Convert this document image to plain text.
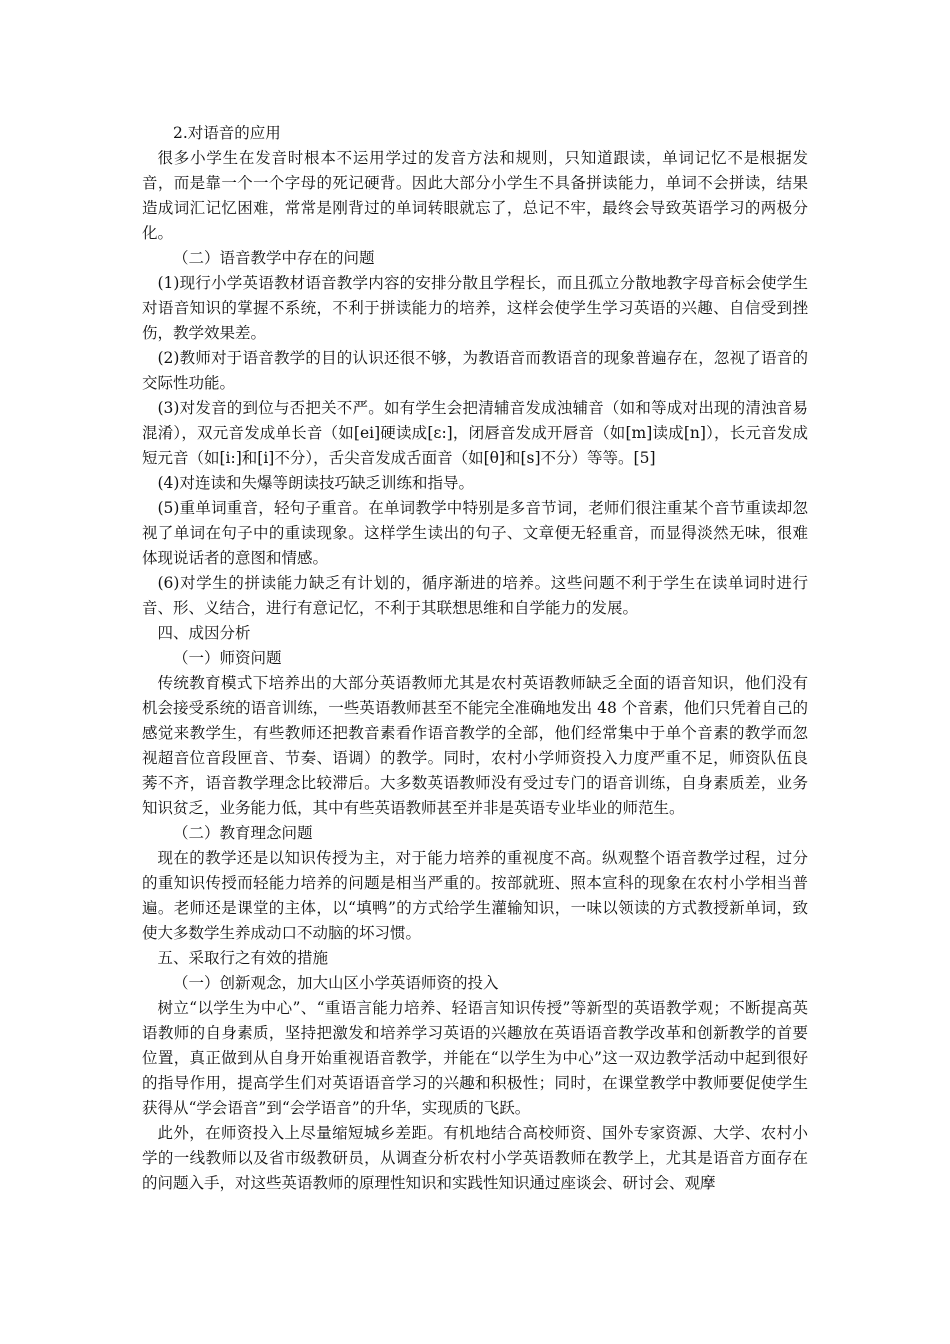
2.对语音的应用

很多小学生在发音时根本不运用学过的发音方法和规则，只知道跟读，单词记忆不是根据发音，而是靠一个一个字母的死记硬背。因此大部分小学生不具备拼读能力，单词不会拼读，结果造成词汇记忆困难，常常是刚背过的单词转眼就忘了，总记不牢，最终会导致英语学习的两极分化。

（二）语音教学中存在的问题

(1)现行小学英语教材语音教学内容的安排分散且学程长，而且孤立分散地教字母音标会使学生对语音知识的掌握不系统，不利于拼读能力的培养，这样会使学生学习英语的兴趣、自信受到挫伤，教学效果差。

(2)教师对于语音教学的目的认识还很不够，为教语音而教语音的现象普遍存在，忽视了语音的交际性功能。

(3)对发音的到位与否把关不严。如有学生会把清辅音发成浊辅音（如和等成对出现的清浊音易混淆），双元音发成单长音（如[ei]硬读成[ɛ:]，闭唇音发成开唇音（如[m]读成[n]），长元音发成短元音（如[i:]和[i]不分），舌尖音发成舌面音（如[θ]和[s]不分）等等。[5]

(4)对连读和失爆等朗读技巧缺乏训练和指导。

(5)重单词重音，轻句子重音。在单词教学中特别是多音节词，老师们很注重某个音节重读却忽视了单词在句子中的重读现象。这样学生读出的句子、文章便无轻重音，而显得淡然无味，很难体现说话者的意图和情感。

(6)对学生的拼读能力缺乏有计划的，循序渐进的培养。这些问题不利于学生在读单词时进行音、形、义结合，进行有意记忆，不利于其联想思维和自学能力的发展。

四、成因分析

（一）师资问题

传统教育模式下培养出的大部分英语教师尤其是农村英语教师缺乏全面的语音知识，他们没有机会接受系统的语音训练，一些英语教师甚至不能完全准确地发出 48 个音素，他们只凭着自己的感觉来教学生，有些教师还把教音素看作语音教学的全部，他们经常集中于单个音素的教学而忽视超音位音段匣音、节奏、语调）的教学。同时，农村小学师资投入力度严重不足，师资队伍良莠不齐，语音教学理念比较滞后。大多数英语教师没有受过专门的语音训练，自身素质差，业务知识贫乏，业务能力低，其中有些英语教师甚至并非是英语专业毕业的师范生。

（二）教育理念问题

现在的教学还是以知识传授为主，对于能力培养的重视度不高。纵观整个语音教学过程，过分的重知识传授而轻能力培养的问题是相当严重的。按部就班、照本宣科的现象在农村小学相当普遍。老师还是课堂的主体，以“填鸭”的方式给学生灌输知识，一味以领读的方式教授新单词，致使大多数学生养成动口不动脑的坏习惯。

五、采取行之有效的措施

（一）创新观念，加大山区小学英语师资的投入

树立“以学生为中心”、“重语言能力培养、轻语言知识传授”等新型的英语教学观；不断提高英语教师的自身素质，坚持把激发和培养学习英语的兴趣放在英语语音教学改革和创新教学的首要位置，真正做到从自身开始重视语音教学，并能在“以学生为中心”这一双边教学活动中起到很好的指导作用，提高学生们对英语语音学习的兴趣和积极性；同时，在课堂教学中教师要促使学生获得从“学会语音”到“会学语音”的升华，实现质的飞跃。

此外，在师资投入上尽量缩短城乡差距。有机地结合高校师资、国外专家资源、大学、农村小学的一线教师以及省市级教研员，从调查分析农村小学英语教师在教学上，尤其是语音方面存在的问题入手，对这些英语教师的原理性知识和实践性知识通过座谈会、研讨会、观摩
